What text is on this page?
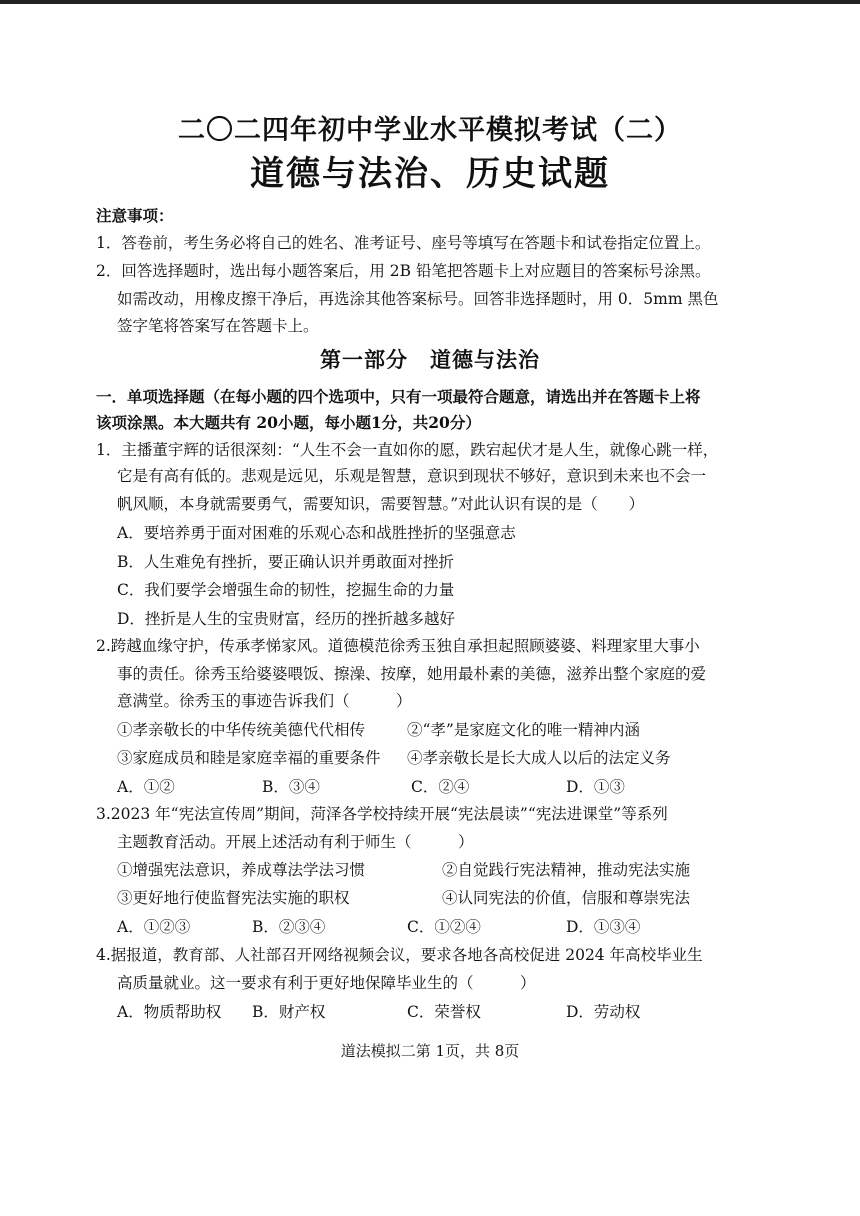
二〇二四年初中学业水平模拟考试（二）
道德与法治、历史试题
注意事项：
1．答卷前，考生务必将自己的姓名、准考证号、座号等填写在答题卡和试卷指定位置上。
2．回答选择题时，选出每小题答案后，用 2B 铅笔把答题卡上对应题目的答案标号涂黑。
如需改动，用橡皮擦干净后，再选涂其他答案标号。回答非选择题时，用 0．5mm 黑色
签字笔将答案写在答题卡上。
第一部分　道德与法治
一．单项选择题（在每小题的四个选项中，只有一项最符合题意，请选出并在答题卡上将
该项涂黑。本大题共有 20小题，每小题1分，共20分）
1．主播董宇辉的话很深刻：“人生不会一直如你的愿，跌宕起伏才是人生，就像心跳一样，
它是有高有低的。悲观是远见，乐观是智慧，意识到现状不够好，意识到未来也不会一
帆风顺，本身就需要勇气，需要知识，需要智慧。”对此认识有误的是（　　）
A．要培养勇于面对困难的乐观心态和战胜挫折的坚强意志
B．人生难免有挫折，要正确认识并勇敢面对挫折
C．我们要学会增强生命的韧性，挖掘生命的力量
D．挫折是人生的宝贵财富，经历的挫折越多越好
2.跨越血缘守护，传承孝悌家风。道德模范徐秀玉独自承担起照顾婆婆、料理家里大事小
事的责任。徐秀玉给婆婆喂饭、擦澡、按摩，她用最朴素的美德，滋养出整个家庭的爱
意满堂。徐秀玉的事迹告诉我们（　　　）
①孝亲敬长的中华传统美德代代相传	②“孝”是家庭文化的唯一精神内涵
③家庭成员和睦是家庭幸福的重要条件 ④孝亲敬长是长大成人以后的法定义务
A．①②	B．③④	C．②④	D．①③
3.2023 年“宪法宣传周”期间，菏泽各学校持续开展“宪法晨读”“宪法进课堂”等系列
主题教育活动。开展上述活动有利于师生（　　　）
①增强宪法意识，养成尊法学法习惯	②自觉践行宪法精神，推动宪法实施
③更好地行使监督宪法实施的职权	④认同宪法的价值，信服和尊崇宪法
A．①②③	B．②③④	C．①②④	D．①③④
4.据报道，教育部、人社部召开网络视频会议，要求各地各高校促进 2024 年高校毕业生
高质量就业。这一要求有利于更好地保障毕业生的（　　　）
A．物质帮助权 B．财产权	C．荣誉权	D．劳动权
道法模拟二第 1页，共 8页
